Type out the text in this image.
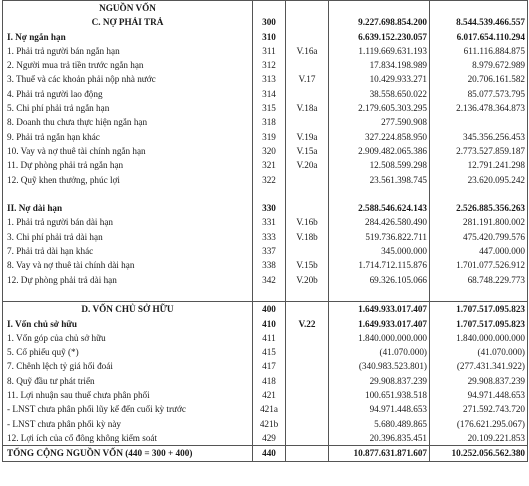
NGUỒN VỐN				
C. NỢ PHẢI TRẢ	300		9.227.698.854.200	8.544.539.466.557
I. Nợ ngắn hạn	310		6.639.152.230.057	6.017.654.110.294
1. Phải trả người bán ngắn hạn	311	V.16a	1.119.669.631.193	611.116.884.875
2. Người mua trả tiền trước ngắn hạn	312		17.834.198.989	8.979.672.989
3. Thuế và các khoản phải nộp nhà nước	313	V.17	10.429.933.271	20.706.161.582
4. Phải trả người lao động	314		38.558.650.022	85.077.573.795
5. Chi phí phải trả ngắn hạn	315	V.18a	2.179.605.303.295	2.136.478.364.873
8. Doanh thu chưa thực hiện ngắn hạn	318		277.590.908	
9. Phải trả ngắn hạn khác	319	V.19a	327.224.858.950	345.356.256.453
10. Vay và nợ thuê tài chính ngắn hạn	320	V.15a	2.909.482.065.386	2.773.527.859.187
11. Dự phòng phải trả ngắn hạn	321	V.20a	12.508.599.298	12.791.241.298
12. Quỹ khen thưởng, phúc lợi	322		23.561.398.745	23.620.095.242

II. Nợ dài hạn	330		2.588.546.624.143	2.526.885.356.263
1. Phải trả người bán dài hạn	331	V.16b	284.426.580.490	281.191.800.002
3. Chi phí phải trả dài hạn	333	V.18b	519.736.822.711	475.420.799.576
7. Phải trả dài hạn khác	337		345.000.000	447.000.000
8. Vay và nợ thuê tài chính dài hạn	338	V.15b	1.714.712.115.876	1.701.077.526.912
12. Dự phòng phải trả dài hạn	342	V.20b	69.326.105.066	68.748.229.773

D. VỐN CHỦ SỞ HỮU	400		1.649.933.017.407	1.707.517.095.823
I. Vốn chủ sở hữu	410	V.22	1.649.933.017.407	1.707.517.095.823
1. Vốn góp của chủ sở hữu	411		1.840.000.000.000	1.840.000.000.000
5. Cổ phiếu quỹ (*)	415		(41.070.000)	(41.070.000)
7. Chênh lệch tỷ giá hối đoái	417		(340.983.523.801)	(277.431.341.922)
8. Quỹ đầu tư phát triển	418		29.908.837.239	29.908.837.239
11. Lợi nhuận sau thuế chưa phân phối	421		100.651.938.518	94.971.448.653
- LNST chưa phân phối lũy kế đến cuối kỳ trước	421a		94.971.448.653	271.592.743.720
- LNST chưa phân phối kỳ này	421b		5.680.489.865	(176.621.295.067)
12. Lợi ích của cổ đông không kiểm soát	429		20.396.835.451	20.109.221.853
TỔNG CỘNG NGUỒN VỐN (440 = 300 + 400)	440		10.877.631.871.607	10.252.056.562.380
